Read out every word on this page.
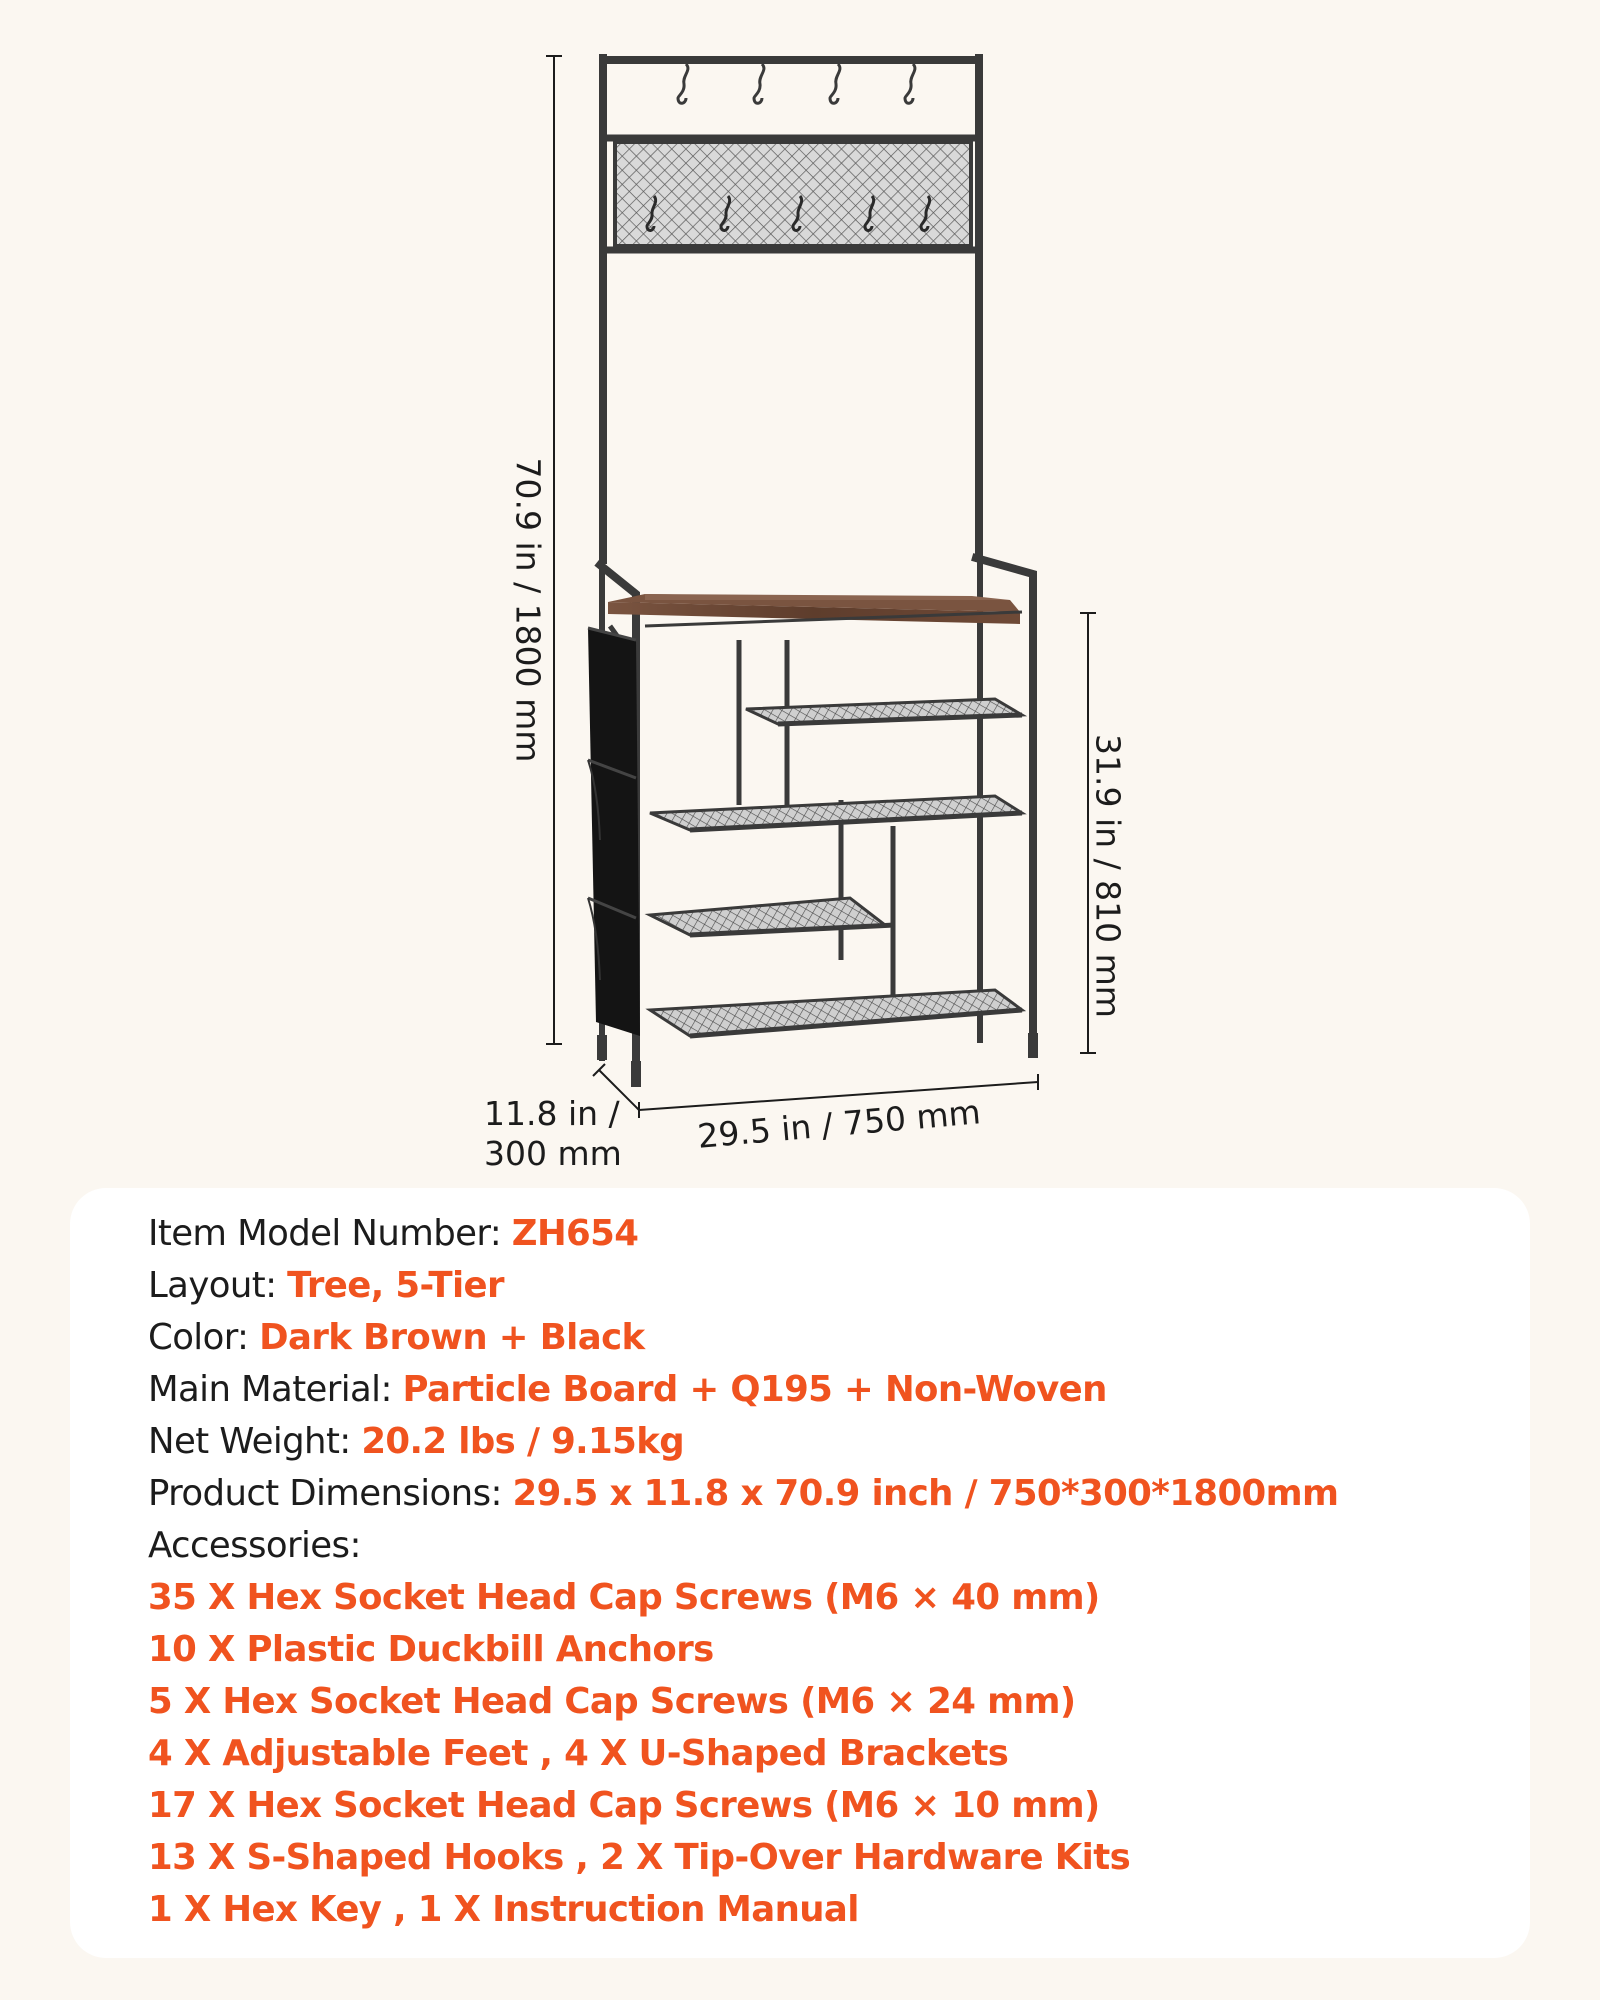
70.9 in / 1800 mm
31.9 in / 810 mm
29.5 in / 750 mm
11.8 in /
300 mm
Item Model Number: ZH654
Layout: Tree, 5-Tier
Color: Dark Brown + Black
Main Material: Particle Board + Q195 + Non-Woven
Net Weight: 20.2 lbs / 9.15kg
Product Dimensions: 29.5 x 11.8 x 70.9 inch / 750*300*1800mm
Accessories:
35 X Hex Socket Head Cap Screws (M6 × 40 mm)
10 X Plastic Duckbill Anchors
5 X Hex Socket Head Cap Screws (M6 × 24 mm)
4 X Adjustable Feet , 4 X U-Shaped Brackets
17 X Hex Socket Head Cap Screws (M6 × 10 mm)
13 X S-Shaped Hooks , 2 X Tip-Over Hardware Kits
1 X Hex Key , 1 X Instruction Manual
